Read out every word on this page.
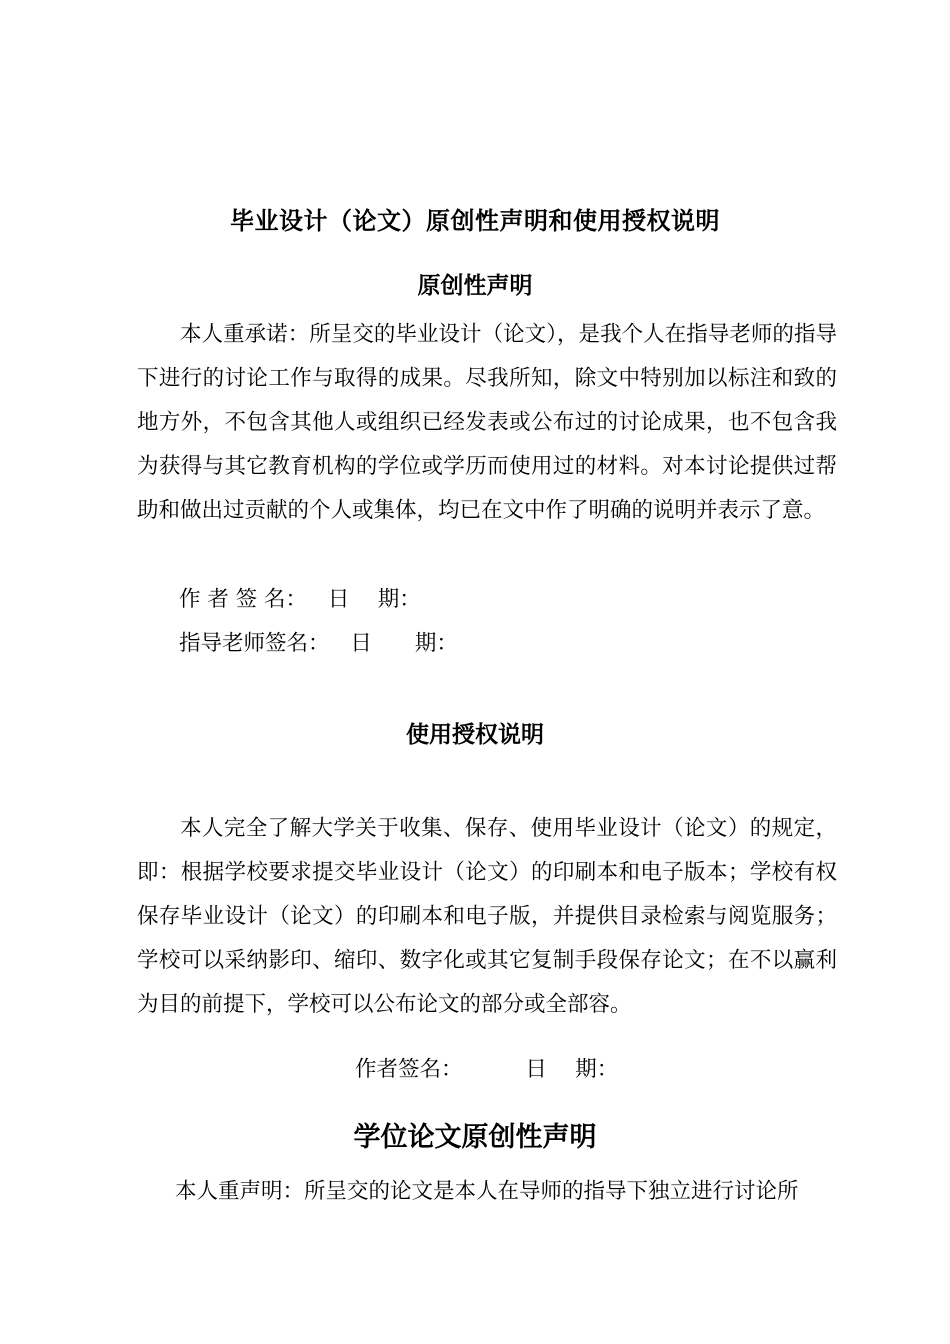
毕业设计（论文）原创性声明和使用授权说明
原创性声明

本人重承诺：所呈交的毕业设计（论文），是我个人在指导老师的指导下进行的讨论工作与取得的成果。尽我所知，除文中特别加以标注和致的地方外，不包含其他人或组织已经发表或公布过的讨论成果，也不包含我为获得与其它教育机构的学位或学历而使用过的材料。对本讨论提供过帮助和做出过贡献的个人或集体，均已在文中作了明确的说明并表示了意。

作 者 签 名： 日　 期：
指导老师签名： 日　　期：
使用授权说明

本人完全了解大学关于收集、保存、使用毕业设计（论文）的规定，即：根据学校要求提交毕业设计（论文）的印刷本和电子版本；学校有权保存毕业设计（论文）的印刷本和电子版，并提供目录检索与阅览服务；学校可以采纳影印、缩印、数字化或其它复制手段保存论文；在不以赢利为目的前提下，学校可以公布论文的部分或全部容。

作者签名：	日　 期：
学位论文原创性声明
本人重声明：所呈交的论文是本人在导师的指导下独立进行讨论所
